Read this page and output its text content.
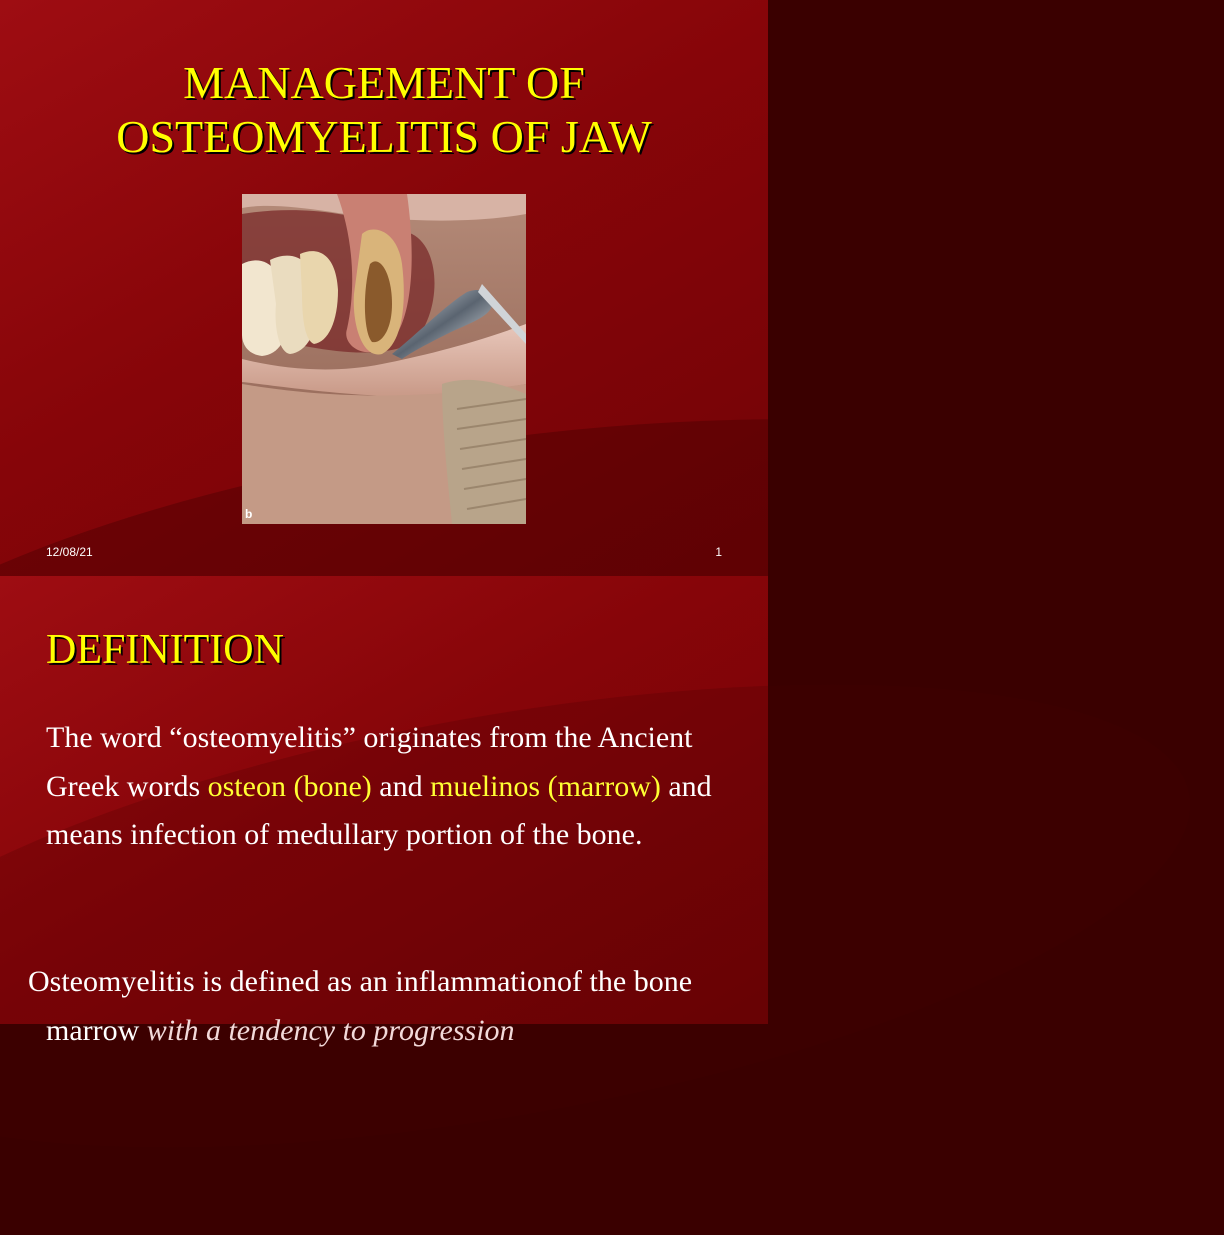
MANAGEMENT OF
OSTEOMYELITIS OF JAW
b
12/08/21	1
DEFINITION
The word “osteomyelitis” originates from the Ancient Greek words osteon (bone) and muelinos (marrow) and means infection of medullary portion of the bone.
Osteomyelitis is defined as an inflammationof the bone marrow with a tendency to progression
